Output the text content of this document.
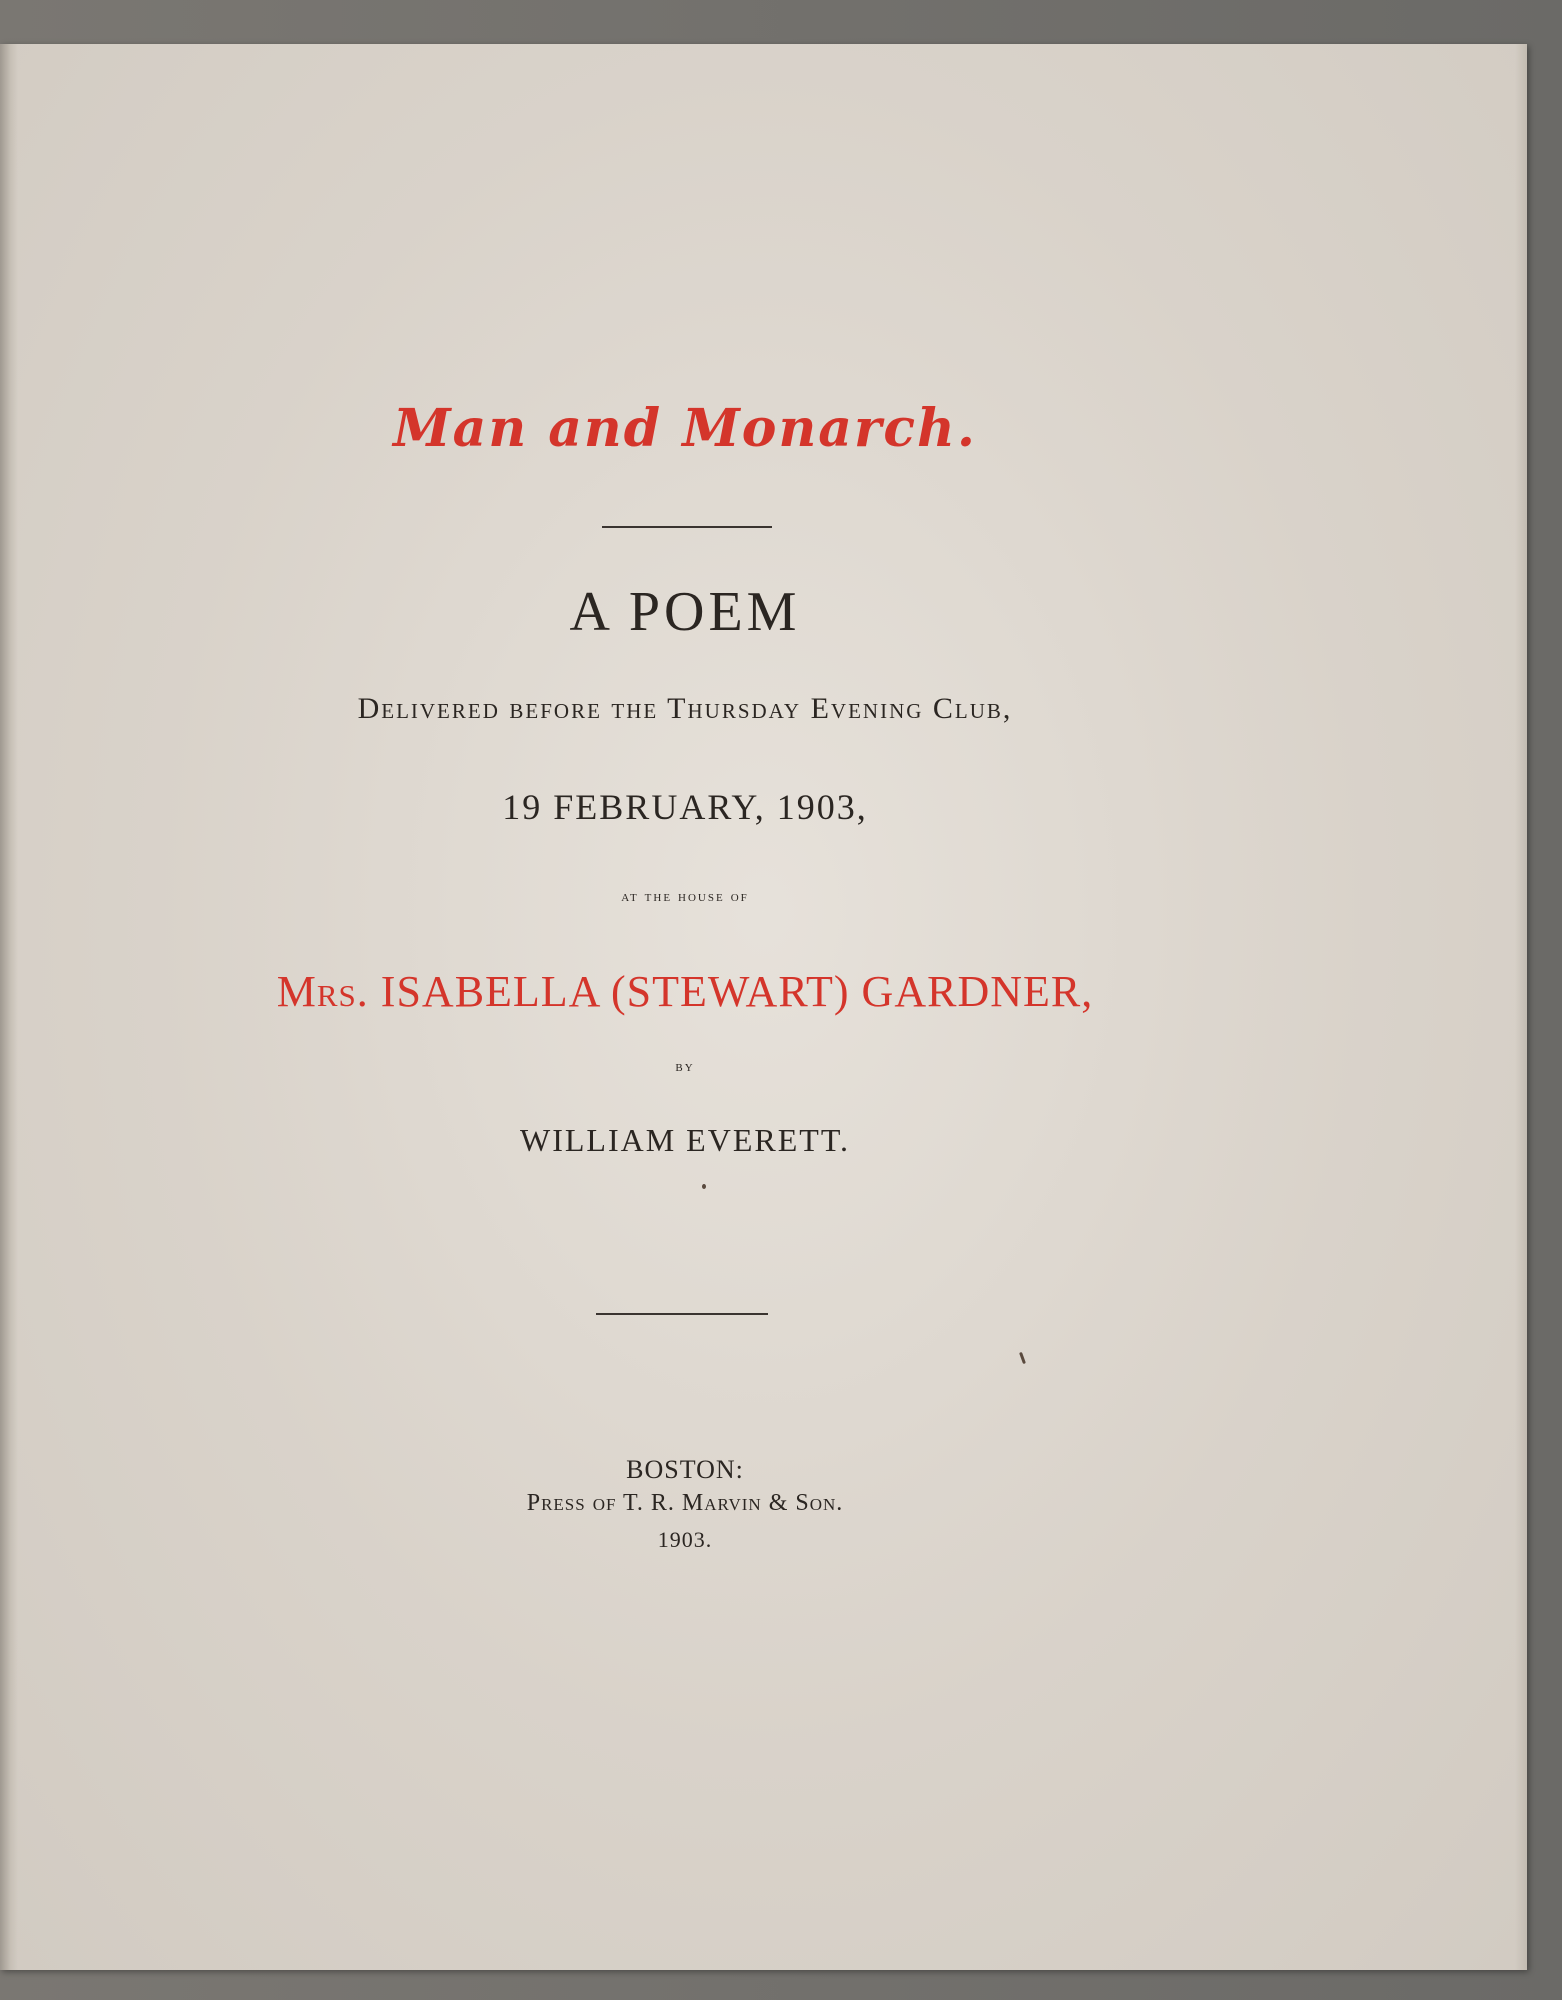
Man and Monarch.
A POEM
Delivered before the Thursday Evening Club,
19 FEBRUARY, 1903,
at the house of
Mrs. ISABELLA (STEWART) GARDNER,
by
WILLIAM EVERETT.
BOSTON:
Press of T. R. Marvin & Son.
1903.
